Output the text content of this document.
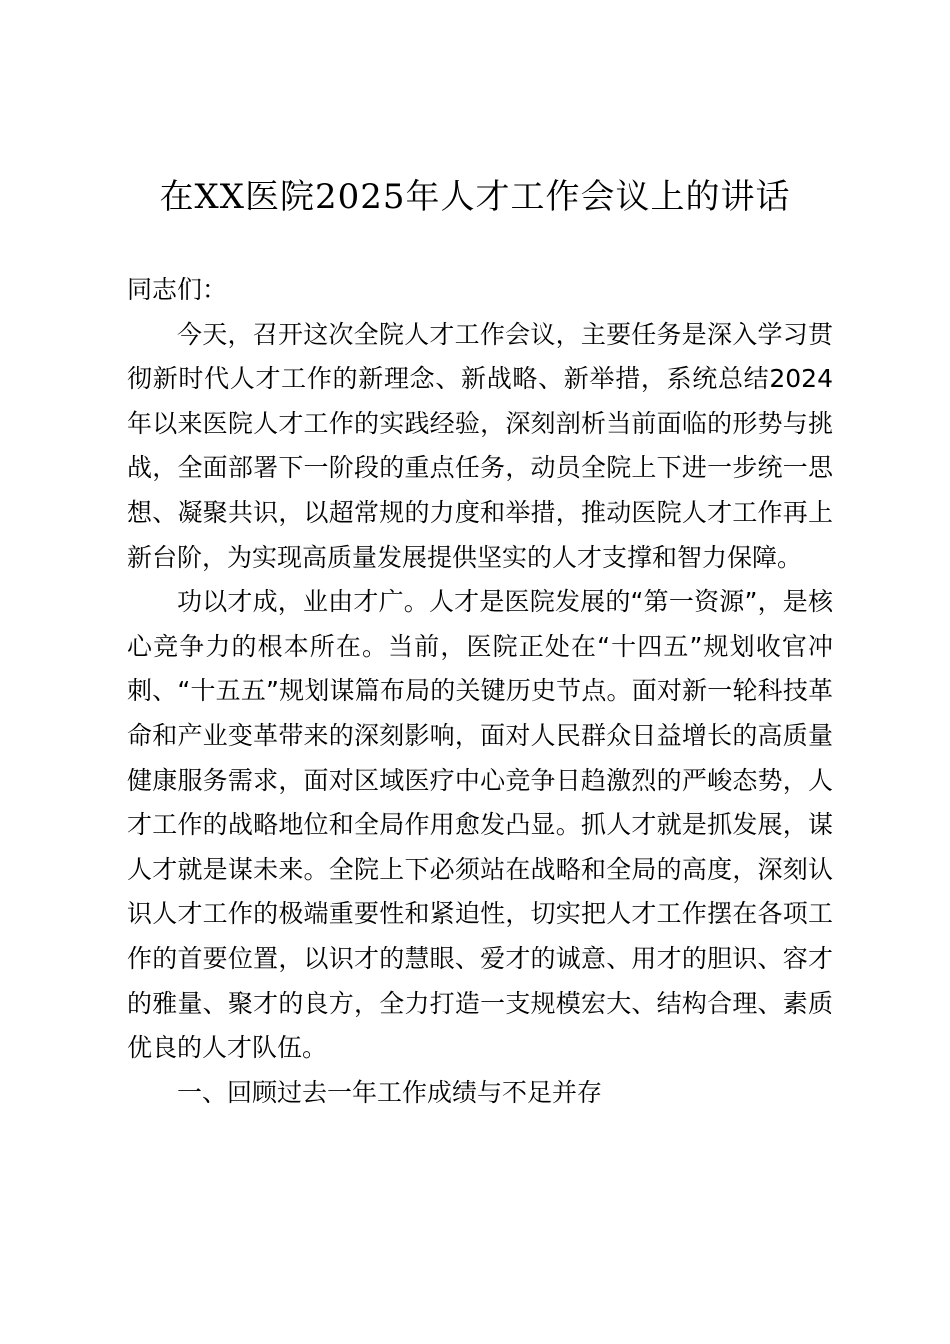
在XX医院2025年人才工作会议上的讲话

同志们：

今天，召开这次全院人才工作会议，主要任务是深入学习贯彻新时代人才工作的新理念、新战略、新举措，系统总结2024年以来医院人才工作的实践经验，深刻剖析当前面临的形势与挑战，全面部署下一阶段的重点任务，动员全院上下进一步统一思想、凝聚共识，以超常规的力度和举措，推动医院人才工作再上新台阶，为实现高质量发展提供坚实的人才支撑和智力保障。

功以才成，业由才广。人才是医院发展的“第一资源”，是核心竞争力的根本所在。当前，医院正处在“十四五”规划收官冲刺、“十五五”规划谋篇布局的关键历史节点。面对新一轮科技革命和产业变革带来的深刻影响，面对人民群众日益增长的高质量健康服务需求，面对区域医疗中心竞争日趋激烈的严峻态势，人才工作的战略地位和全局作用愈发凸显。抓人才就是抓发展，谋人才就是谋未来。全院上下必须站在战略和全局的高度，深刻认识人才工作的极端重要性和紧迫性，切实把人才工作摆在各项工作的首要位置，以识才的慧眼、爱才的诚意、用才的胆识、容才的雅量、聚才的良方，全力打造一支规模宏大、结构合理、素质优良的人才队伍。

一、回顾过去一年工作成绩与不足并存
